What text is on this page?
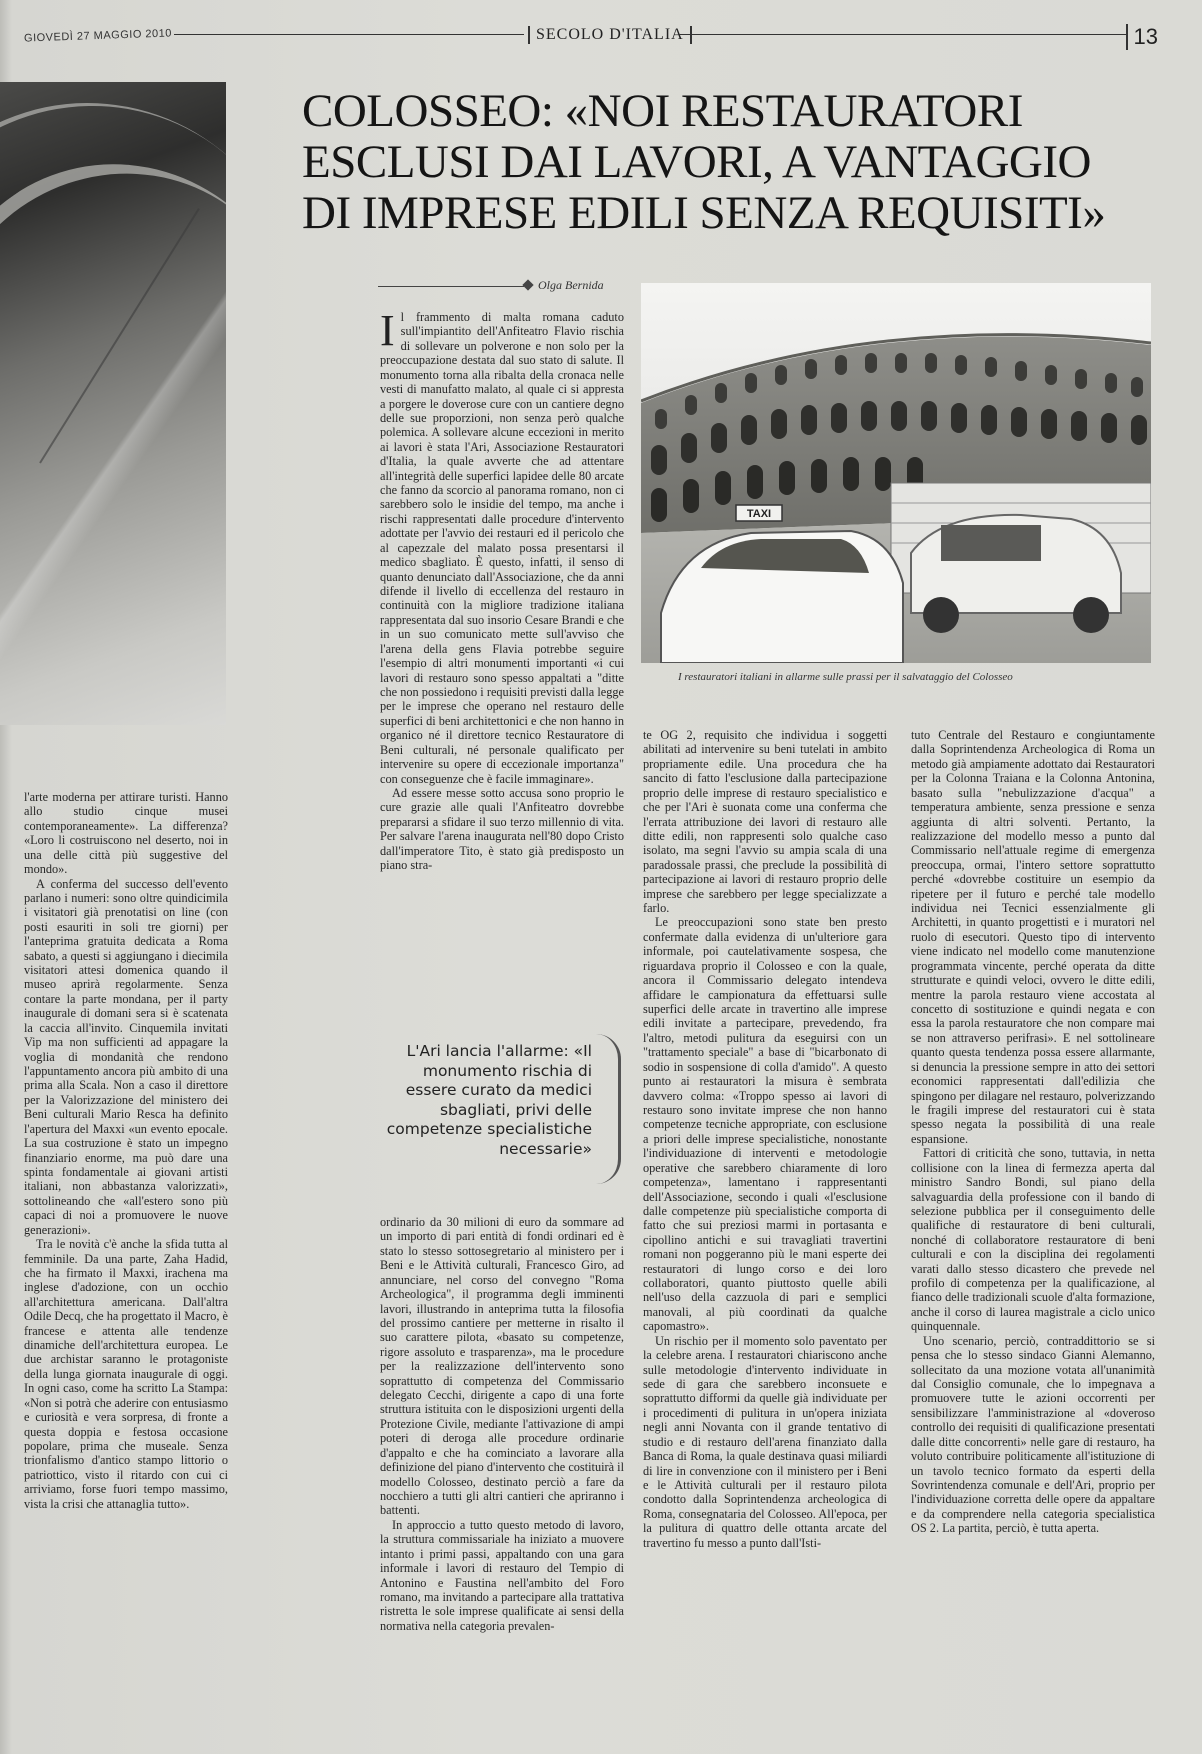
GIOVEDÌ 27 MAGGIO 2010	SECOLO D'ITALIA	13
COLOSSEO: «NOI RESTAURATORI
ESCLUSI DAI LAVORI, A VANTAGGIO
DI IMPRESE EDILI SENZA REQUISITI»
Olga Bernida
TAXI
I restauratori italiani in allarme sulle prassi per il salvataggio del Colosseo

l'arte moderna per attirare turisti. Hanno allo studio cinque musei contemporaneamente». La differenza? «Loro li costruiscono nel deserto, noi in una delle città più suggestive del mondo».

A conferma del successo dell'evento parlano i numeri: sono oltre quindicimila i visitatori già prenotatisi on line (con posti esauriti in soli tre giorni) per l'anteprima gratuita dedicata a Roma sabato, a questi si aggiungano i diecimila visitatori attesi domenica quando il museo aprirà regolarmente. Senza contare la parte mondana, per il party inaugurale di domani sera si è scatenata la caccia all'invito. Cinquemila invitati Vip ma non sufficienti ad appagare la voglia di mondanità che rendono l'appuntamento ancora più ambito di una prima alla Scala. Non a caso il direttore per la Valorizzazione del ministero dei Beni culturali Mario Resca ha definito l'apertura del Maxxi «un evento epocale. La sua costruzione è stato un impegno finanziario enorme, ma può dare una spinta fondamentale ai giovani artisti italiani, non abbastanza valorizzati», sottolineando che «all'estero sono più capaci di noi a promuovere le nuove generazioni».

Tra le novità c'è anche la sfida tutta al femminile. Da una parte, Zaha Hadid, che ha firmato il Maxxi, irachena ma inglese d'adozione, con un occhio all'architettura americana. Dall'altra Odile Decq, che ha progettato il Macro, è francese e attenta alle tendenze dinamiche dell'architettura europea. Le due archistar saranno le protagoniste della lunga giornata inaugurale di oggi. In ogni caso, come ha scritto La Stampa: «Non si potrà che aderire con entusiasmo e curiosità e vera sorpresa, di fronte a questa doppia e festosa occasione popolare, prima che museale. Senza trionfalismo d'antico stampo littorio o patriottico, visto il ritardo con cui ci arriviamo, forse fuori tempo massimo, vista la crisi che attanaglia tutto».

Il frammento di malta romana caduto sull'impiantito dell'Anfiteatro Flavio rischia di sollevare un polverone e non solo per la preoccupazione destata dal suo stato di salute. Il monumento torna alla ribalta della cronaca nelle vesti di manufatto malato, al quale ci si appresta a porgere le doverose cure con un cantiere degno delle sue proporzioni, non senza però qualche polemica. A sollevare alcune eccezioni in merito ai lavori è stata l'Ari, Associazione Restauratori d'Italia, la quale avverte che ad attentare all'integrità delle superfici lapidee delle 80 arcate che fanno da scorcio al panorama romano, non ci sarebbero solo le insidie del tempo, ma anche i rischi rappresentati dalle procedure d'intervento adottate per l'avvio dei restauri ed il pericolo che al capezzale del malato possa presentarsi il medico sbagliato. È questo, infatti, il senso di quanto denunciato dall'Associazione, che da anni difende il livello di eccellenza del restauro in continuità con la migliore tradizione italiana rappresentata dal suo insorio Cesare Brandi e che in un suo comunicato mette sull'avviso che l'arena della gens Flavia potrebbe seguire l'esempio di altri monumenti importanti «i cui lavori di restauro sono spesso appaltati a "ditte che non possiedono i requisiti previsti dalla legge per le imprese che operano nel restauro delle superfici di beni architettonici e che non hanno in organico né il direttore tecnico Restauratore di Beni culturali, né personale qualificato per intervenire su opere di eccezionale importanza" con conseguenze che è facile immaginare».

Ad essere messe sotto accusa sono proprio le cure grazie alle quali l'Anfiteatro dovrebbe prepararsi a sfidare il suo terzo millennio di vita. Per salvare l'arena inaugurata nell'80 dopo Cristo dall'imperatore Tito, è stato già predisposto un piano stra-

L'Ari lancia l'allarme: «Il monumento rischia di essere curato da medici sbagliati, privi delle competenze specialistiche necessarie»

ordinario da 30 milioni di euro da sommare ad un importo di pari entità di fondi ordinari ed è stato lo stesso sottosegretario al ministero per i Beni e le Attività culturali, Francesco Giro, ad annunciare, nel corso del convegno "Roma Archeologica", il programma degli imminenti lavori, illustrando in anteprima tutta la filosofia del prossimo cantiere per metterne in risalto il suo carattere pilota, «basato su competenze, rigore assoluto e trasparenza», ma le procedure per la realizzazione dell'intervento sono soprattutto di competenza del Commissario delegato Cecchi, dirigente a capo di una forte struttura istituita con le disposizioni urgenti della Protezione Civile, mediante l'attivazione di ampi poteri di deroga alle procedure ordinarie d'appalto e che ha cominciato a lavorare alla definizione del piano d'intervento che costituirà il modello Colosseo, destinato perciò a fare da nocchiero a tutti gli altri cantieri che apriranno i battenti.

In approccio a tutto questo metodo di lavoro, la struttura commissariale ha iniziato a muovere intanto i primi passi, appaltando con una gara informale i lavori di restauro del Tempio di Antonino e Faustina nell'ambito del Foro romano, ma invitando a partecipare alla trattativa ristretta le sole imprese qualificate ai sensi della normativa nella categoria prevalen-

te OG 2, requisito che individua i soggetti abilitati ad intervenire su beni tutelati in ambito propriamente edile. Una procedura che ha sancito di fatto l'esclusione dalla partecipazione proprio delle imprese di restauro specialistico e che per l'Ari è suonata come una conferma che l'errata attribuzione dei lavori di restauro alle ditte edili, non rappresenti solo qualche caso isolato, ma segni l'avvio su ampia scala di una paradossale prassi, che preclude la possibilità di partecipazione ai lavori di restauro proprio delle imprese che sarebbero per legge specializzate a farlo.

Le preoccupazioni sono state ben presto confermate dalla evidenza di un'ulteriore gara informale, poi cautelativamente sospesa, che riguardava proprio il Colosseo e con la quale, ancora il Commissario delegato intendeva affidare le campionatura da effettuarsi sulle superfici delle arcate in travertino alle imprese edili invitate a partecipare, prevedendo, fra l'altro, metodi pulitura da eseguirsi con un "trattamento speciale" a base di "bicarbonato di sodio in sospensione di colla d'amido". A questo punto ai restauratori la misura è sembrata davvero colma: «Troppo spesso ai lavori di restauro sono invitate imprese che non hanno competenze tecniche appropriate, con esclusione a priori delle imprese specialistiche, nonostante l'individuazione di interventi e metodologie operative che sarebbero chiaramente di loro competenza», lamentano i rappresentanti dell'Associazione, secondo i quali «l'esclusione dalle competenze più specialistiche comporta di fatto che sui preziosi marmi in portasanta e cipollino antichi e sui travagliati travertini romani non poggeranno più le mani esperte dei restauratori di lungo corso e dei loro collaboratori, quanto piuttosto quelle abili nell'uso della cazzuola di pari e semplici manovali, al più coordinati da qualche capomastro».

Un rischio per il momento solo paventato per la celebre arena. I restauratori chiariscono anche sulle metodologie d'intervento individuate in sede di gara che sarebbero inconsuete e soprattutto difformi da quelle già individuate per i procedimenti di pulitura in un'opera iniziata negli anni Novanta con il grande tentativo di studio e di restauro dell'arena finanziato dalla Banca di Roma, la quale destinava quasi miliardi di lire in convenzione con il ministero per i Beni e le Attività culturali per il restauro pilota condotto dalla Soprintendenza archeologica di Roma, consegnataria del Colosseo. All'epoca, per la pulitura di quattro delle ottanta arcate del travertino fu messo a punto dall'Isti-

tuto Centrale del Restauro e congiuntamente dalla Soprintendenza Archeologica di Roma un metodo già ampiamente adottato dai Restauratori per la Colonna Traiana e la Colonna Antonina, basato sulla "nebulizzazione d'acqua" a temperatura ambiente, senza pressione e senza aggiunta di altri solventi. Pertanto, la realizzazione del modello messo a punto dal Commissario nell'attuale regime di emergenza preoccupa, ormai, l'intero settore soprattutto perché «dovrebbe costituire un esempio da ripetere per il futuro e perché tale modello individua nei Tecnici essenzialmente gli Architetti, in quanto progettisti e i muratori nel ruolo di esecutori. Questo tipo di intervento viene indicato nel modello come manutenzione programmata vincente, perché operata da ditte strutturate e quindi veloci, ovvero le ditte edili, mentre la parola restauro viene accostata al concetto di sostituzione e quindi negata e con essa la parola restauratore che non compare mai se non attraverso perifrasi». E nel sottolineare quanto questa tendenza possa essere allarmante, si denuncia la pressione sempre in atto dei settori economici rappresentati dall'edilizia che spingono per dilagare nel restauro, polverizzando le fragili imprese del restauratori cui è stata spesso negata la possibilità di una reale espansione.

Fattori di criticità che sono, tuttavia, in netta collisione con la linea di fermezza aperta dal ministro Sandro Bondi, sul piano della salvaguardia della professione con il bando di selezione pubblica per il conseguimento delle qualifiche di restauratore di beni culturali, nonché di collaboratore restauratore di beni culturali e con la disciplina dei regolamenti varati dallo stesso dicastero che prevede nel profilo di competenza per la qualificazione, al fianco delle tradizionali scuole d'alta formazione, anche il corso di laurea magistrale a ciclo unico quinquennale.

Uno scenario, perciò, contraddittorio se si pensa che lo stesso sindaco Gianni Alemanno, sollecitato da una mozione votata all'unanimità dal Consiglio comunale, che lo impegnava a promuovere tutte le azioni occorrenti per sensibilizzare l'amministrazione al «doveroso controllo dei requisiti di qualificazione presentati dalle ditte concorrenti» nelle gare di restauro, ha voluto contribuire politicamente all'istituzione di un tavolo tecnico formato da esperti della Sovrintendenza comunale e dell'Ari, proprio per l'individuazione corretta delle opere da appaltare e da comprendere nella categoria specialistica OS 2. La partita, perciò, è tutta aperta.
